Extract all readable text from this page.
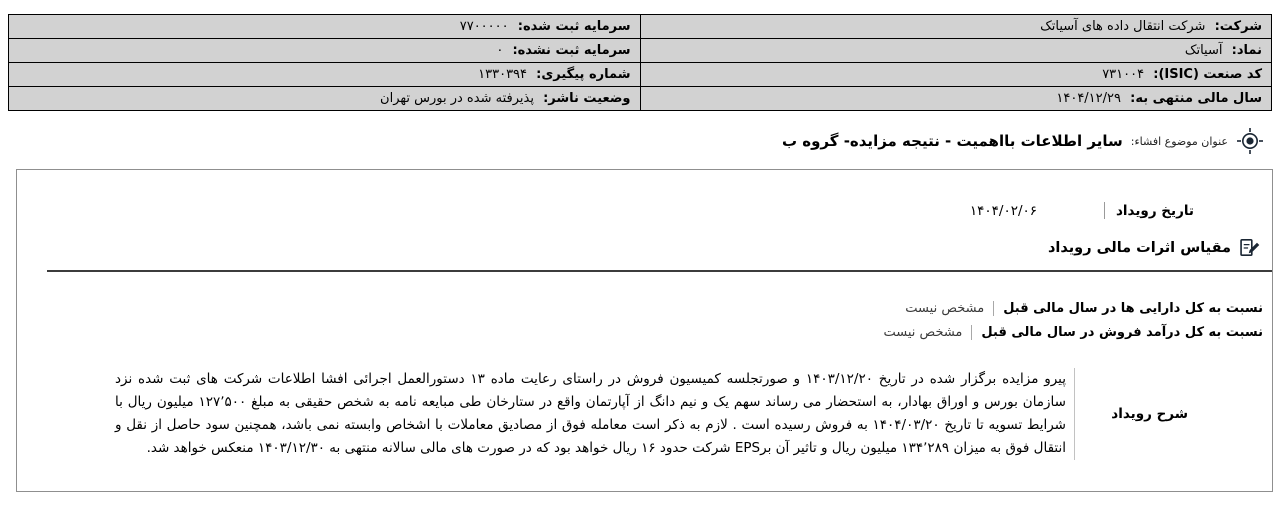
شرکت: شرکت انتقال داده های آسیاتک	سرمایه ثبت شده: ۷۷۰۰۰۰۰
نماد: آسیاتک	سرمایه ثبت نشده: ۰
کد صنعت (ISIC): ۷۳۱۰۰۴	شماره پیگیری: ۱۳۳۰۳۹۴
سال مالی منتهی به: ۱۴۰۴/۱۲/۲۹	وضعیت ناشر: پذیرفته شده در بورس تهران
عنوان موضوع افشاء:
سایر اطلاعات بااهمیت - نتیجه مزایده- گروه ب
تاریخ رویداد
۱۴۰۴/۰۲/۰۶
مقیاس اثرات مالی رویداد
نسبت به کل دارایی ها در سال مالی قبل
مشخص نیست
نسبت به کل درآمد فروش در سال مالی قبل
مشخص نیست
شرح رویداد
پیرو مزایده برگزار شده در تاریخ ۱۴۰۳/۱۲/۲۰ و صورتجلسه کمیسیون فروش در راستای رعایت ماده ۱۳ دستورالعمل اجرائی افشا اطلاعات شرکت های ثبت شده نزد سازمان بورس و اوراق بهادار، به استحضار می رساند سهم یک و نیم دانگ از آپارتمان واقع در ستارخان طی مبایعه نامه به شخص حقیقی به مبلغ ۱۲۷٬۵۰۰ میلیون ریال با شرایط تسویه تا تاریخ ۱۴۰۴/۰۳/۲۰ به فروش رسیده است . لازم به ذکر است معامله فوق از مصادیق معاملات با اشخاص وابسته نمی باشد، همچنین سود حاصل از نقل و انتقال فوق به میزان ۱۳۴٬۲۸۹ میلیون ریال و تاثیر آن برEPS شرکت حدود ۱۶ ریال خواهد بود که در صورت های مالی سالانه منتهی به ۱۴۰۳/۱۲/۳۰ منعکس خواهد شد.
